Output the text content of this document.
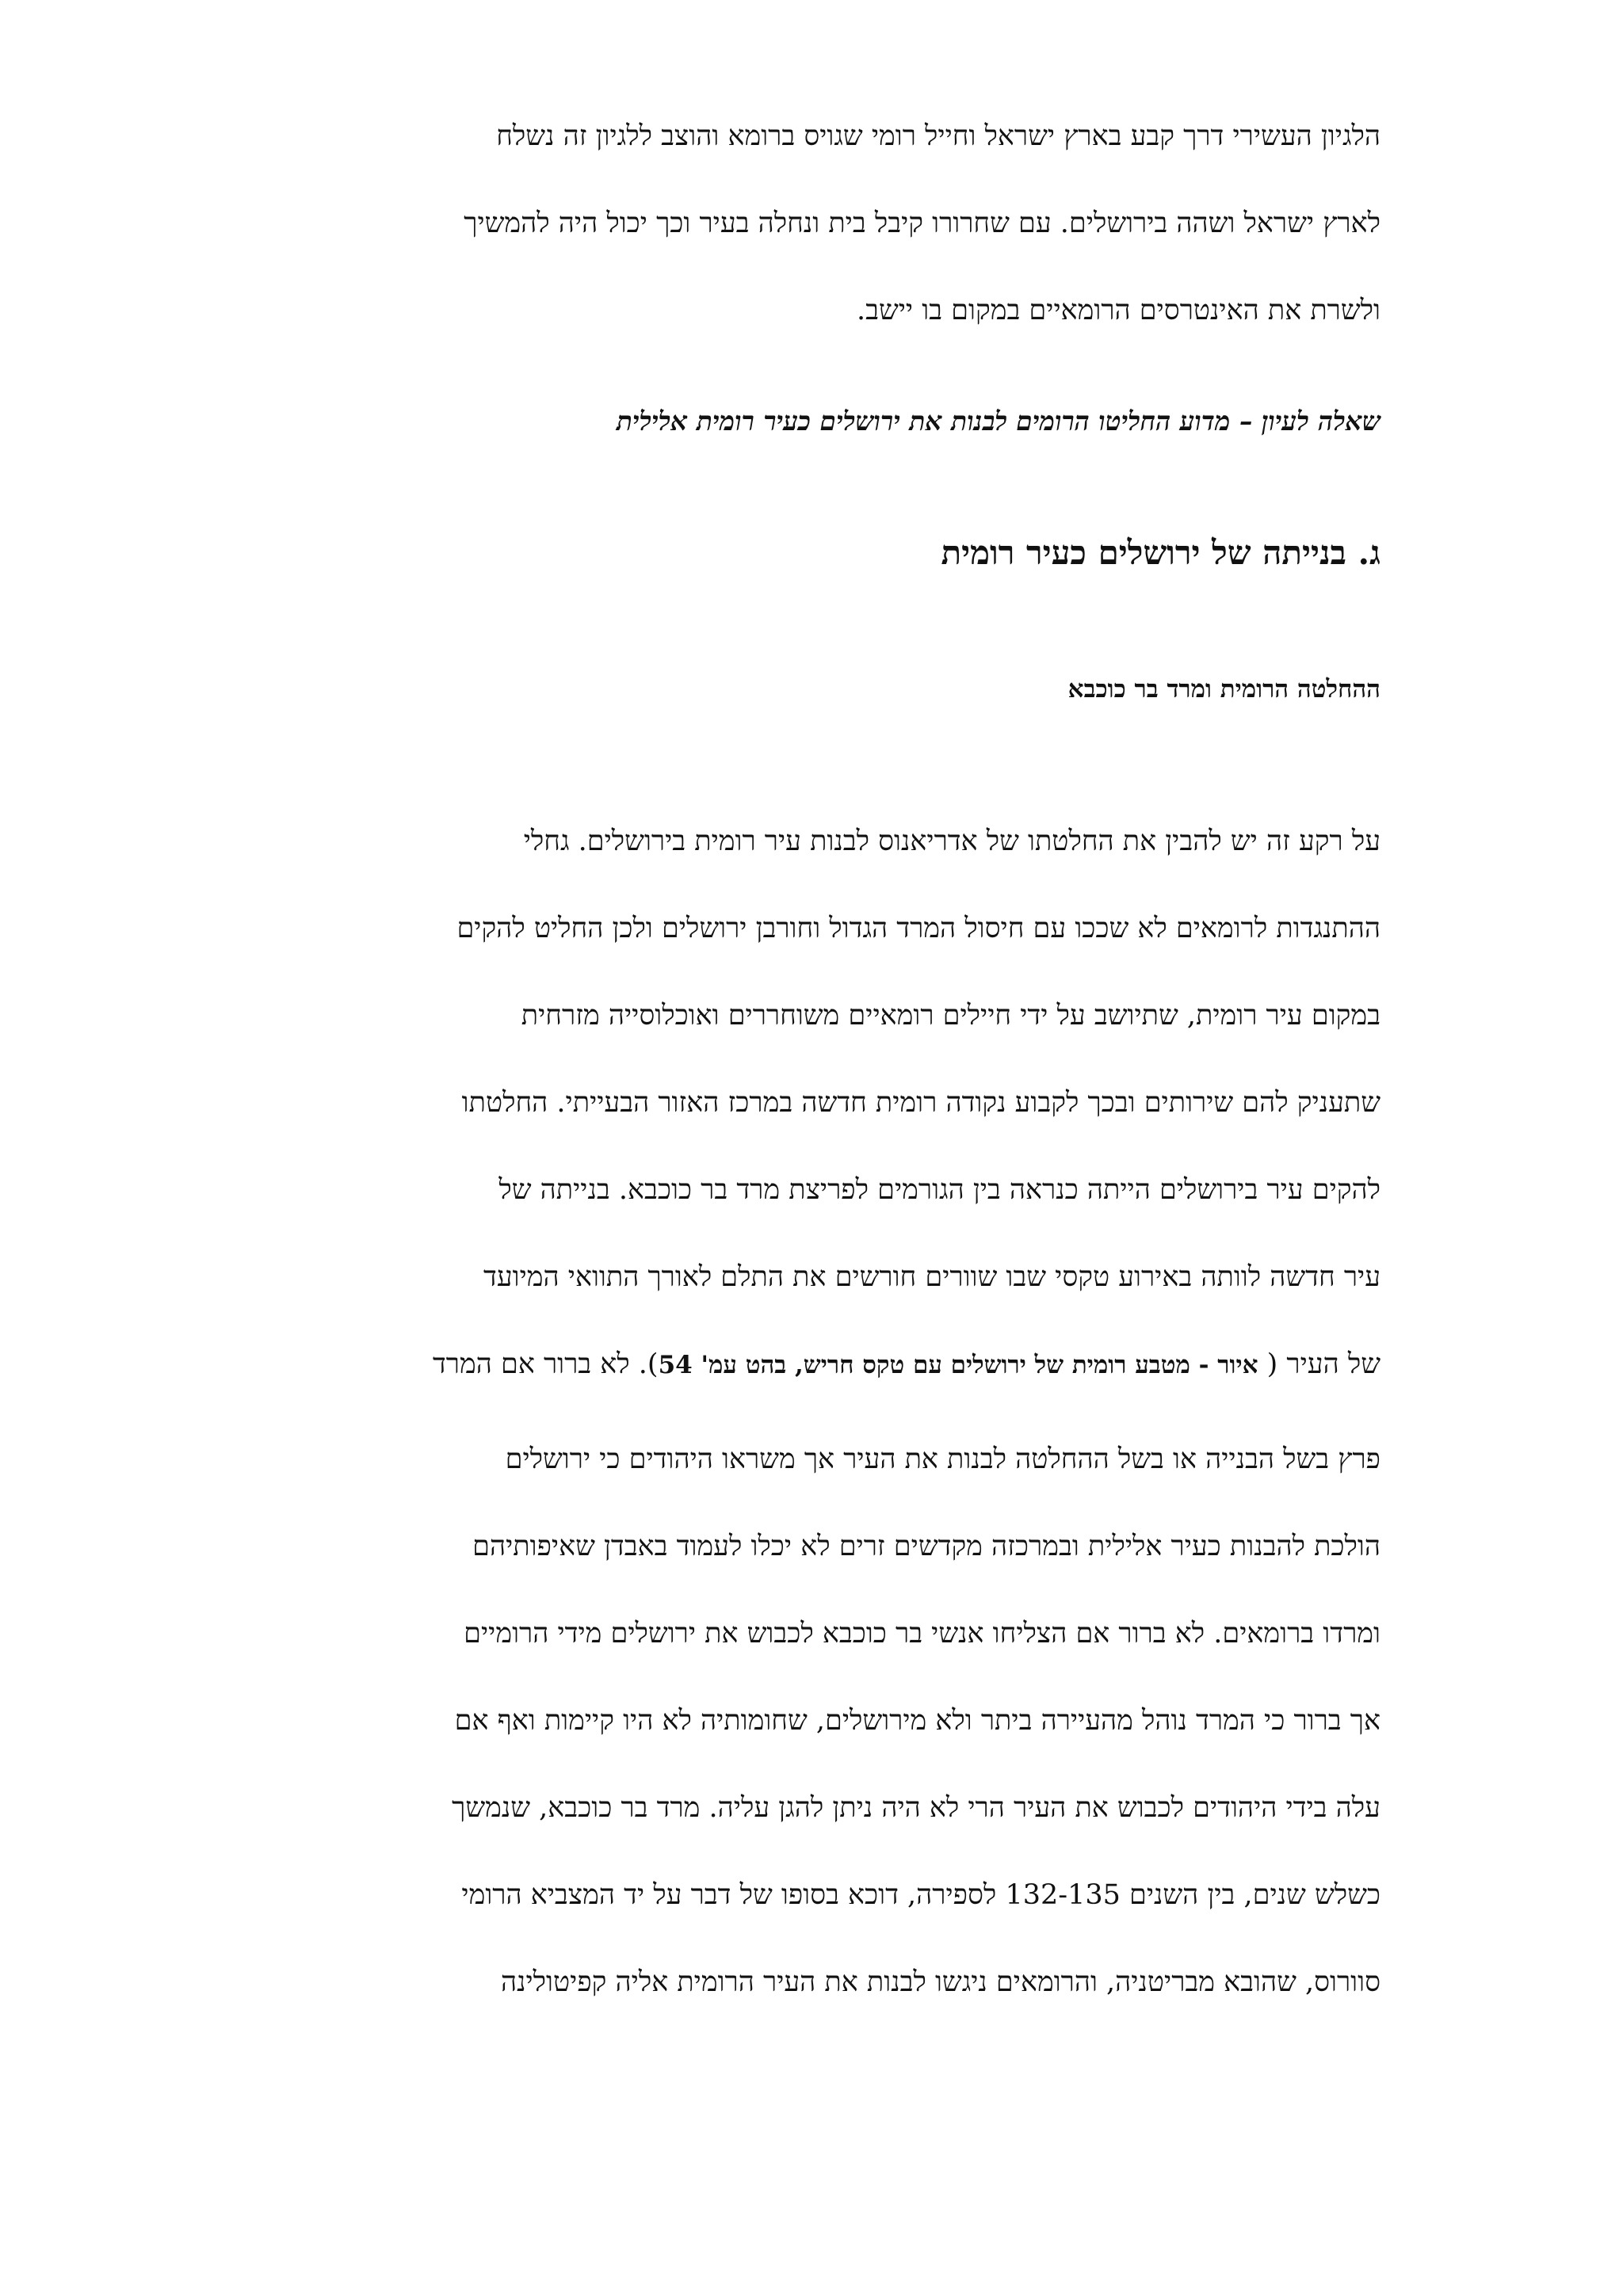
הלגיון העשירי דרך קבע בארץ ישראל וחייל רומי שגויס ברומא והוצב ללגיון זה נשלח

לארץ ישראל ושהה בירושלים. עם שחרורו קיבל בית ונחלה בעיר וכך יכול היה להמשיך

ולשרת את האינטרסים הרומאיים במקום בו יישב.

שאלה לעיון – מדוע החליטו הרומים לבנות את ירושלים כעיר רומית אלילית

ג. בנייתה של ירושלים כעיר רומית

ההחלטה הרומית ומרד בר כוכבא

על רקע זה יש להבין את החלטתו של אדריאנוס לבנות עיר רומית בירושלים. גחלי

ההתנגדות לרומאים לא שככו עם חיסול המרד הגדול וחורבן ירושלים ולכן החליט להקים

במקום עיר רומית, שתיושב על ידי חיילים רומאיים משוחררים ואוכלוסייה מזרחית

שתעניק להם שירותים ובכך לקבוע נקודה רומית חדשה במרכז האזור הבעייתי. החלטתו

להקים עיר בירושלים הייתה כנראה בין הגורמים לפריצת מרד בר כוכבא. בנייתה של

עיר חדשה לוותה באירוע טקסי שבו שוורים חורשים את התלם לאורך התוואי המיועד

של העיר ( איור - מטבע רומית של ירושלים עם טקס חריש, בהט עמ' 54). לא ברור אם המרד

פרץ בשל הבנייה או בשל ההחלטה לבנות את העיר אך משראו היהודים כי ירושלים

הולכת להבנות כעיר אלילית ובמרכזה מקדשים זרים לא יכלו לעמוד באבדן שאיפותיהם

ומרדו ברומאים. לא ברור אם הצליחו אנשי בר כוכבא לכבוש את ירושלים מידי הרומיים

אך ברור כי המרד נוהל מהעיירה ביתר ולא מירושלים, שחומותיה לא היו קיימות ואף אם

עלה בידי היהודים לכבוש את העיר הרי לא היה ניתן להגן עליה. מרד בר כוכבא, שנמשך

כשלש שנים, בין השנים 132-135 לספירה, דוכא בסופו של דבר על יד המצביא הרומי

סוורוס, שהובא מבריטניה, והרומאים ניגשו לבנות את העיר הרומית אליה קפיטולינה
